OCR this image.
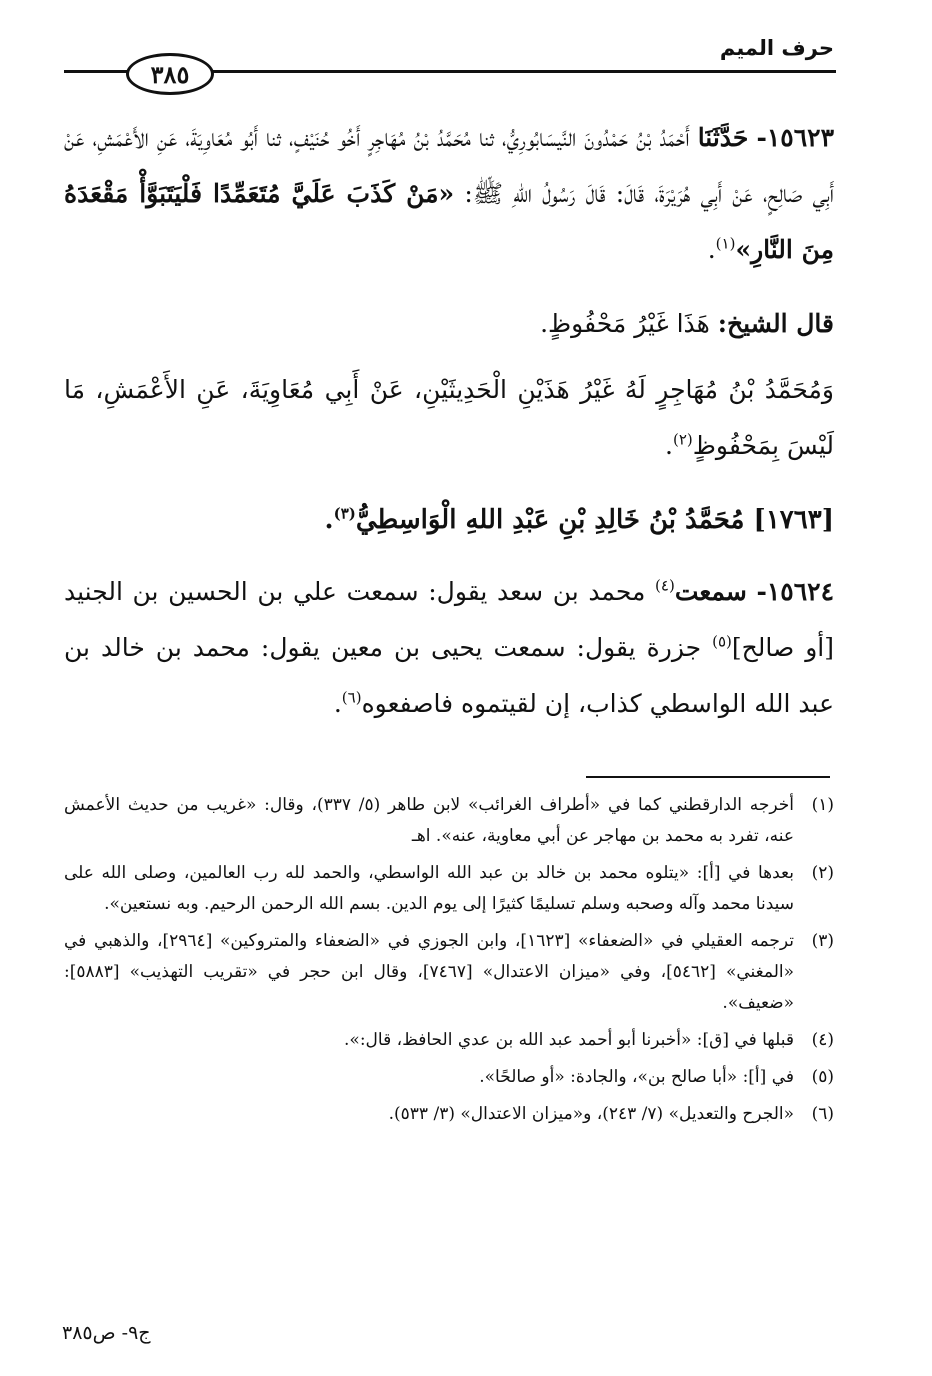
حرف الميم
٣٨٥

١٥٦٢٣- حَدَّثَنَا أَحْمَدُ بْنُ حَمْدُونَ النَّيسَابُورِيُّ، ثنا مُحَمَّدُ بْنُ مُهَاجِرٍ أَخُو حُنَيْفٍ، ثنا أَبُو مُعَاوِيَةَ، عَنِ الأَعْمَشِ، عَنْ أَبِي صَالِحٍ، عَنْ أَبِي هُرَيْرَةَ، قَالَ: قَالَ رَسُولُ اللهِ ﷺ: «مَنْ كَذَبَ عَلَيَّ مُتَعَمِّدًا فَلْيَتَبَوَّأْ مَقْعَدَهُ مِنَ النَّارِ»$^{(١)}$.

قال الشيخ: هَذَا غَيْرُ مَحْفُوظٍ.

وَمُحَمَّدُ بْنُ مُهَاجِرٍ لَهُ غَيْرُ هَذَيْنِ الْحَدِيثَيْنِ، عَنْ أَبِي مُعَاوِيَةَ، عَنِ الأَعْمَشِ، مَا لَيْسَ بِمَحْفُوظٍ$^{(٢)}$.

[١٧٦٣] مُحَمَّدُ بْنُ خَالِدِ بْنِ عَبْدِ اللهِ الْوَاسِطِيُّ$^{(٣)}$.

١٥٦٢٤- سمعت$^{(٤)}$ محمد بن سعد يقول: سمعت علي بن الحسين بن الجنيد [أو صالح]$^{(٥)}$ جزرة يقول: سمعت يحيى بن معين يقول: محمد بن خالد بن عبد الله الواسطي كذاب، إن لقيتموه فاصفعوه$^{(٦)}$.

(١)
أخرجه الدارقطني كما في «أطراف الغرائب» لابن طاهر (٥/ ٣٣٧)، وقال: «غريب من حديث الأعمش عنه، تفرد به محمد بن مهاجر عن أبي معاوية، عنه». اهـ
(٢)
بعدها في [أ]: «يتلوه محمد بن خالد بن عبد الله الواسطي، والحمد لله رب العالمين، وصلى الله على سيدنا محمد وآله وصحبه وسلم تسليمًا كثيرًا إلى يوم الدين. بسم الله الرحمن الرحيم. وبه نستعين».
(٣)
ترجمه العقيلي في «الضعفاء» [١٦٢٣]، وابن الجوزي في «الضعفاء والمتروكين» [٢٩٦٤]، والذهبي في «المغني» [٥٤٦٢]، وفي «ميزان الاعتدال» [٧٤٦٧]، وقال ابن حجر في «تقريب التهذيب» [٥٨٨٣]: «ضعيف».
(٤)
قبلها في [ق]: «أخبرنا أبو أحمد عبد الله بن عدي الحافظ، قال:».
(٥)
في [أ]: «أبا صالح بن»، والجادة: «أو صالحًا».
(٦)
«الجرح والتعديل» (٧/ ٢٤٣)، و«ميزان الاعتدال» (٣/ ٥٣٣).
ج٩- ص٣٨٥
